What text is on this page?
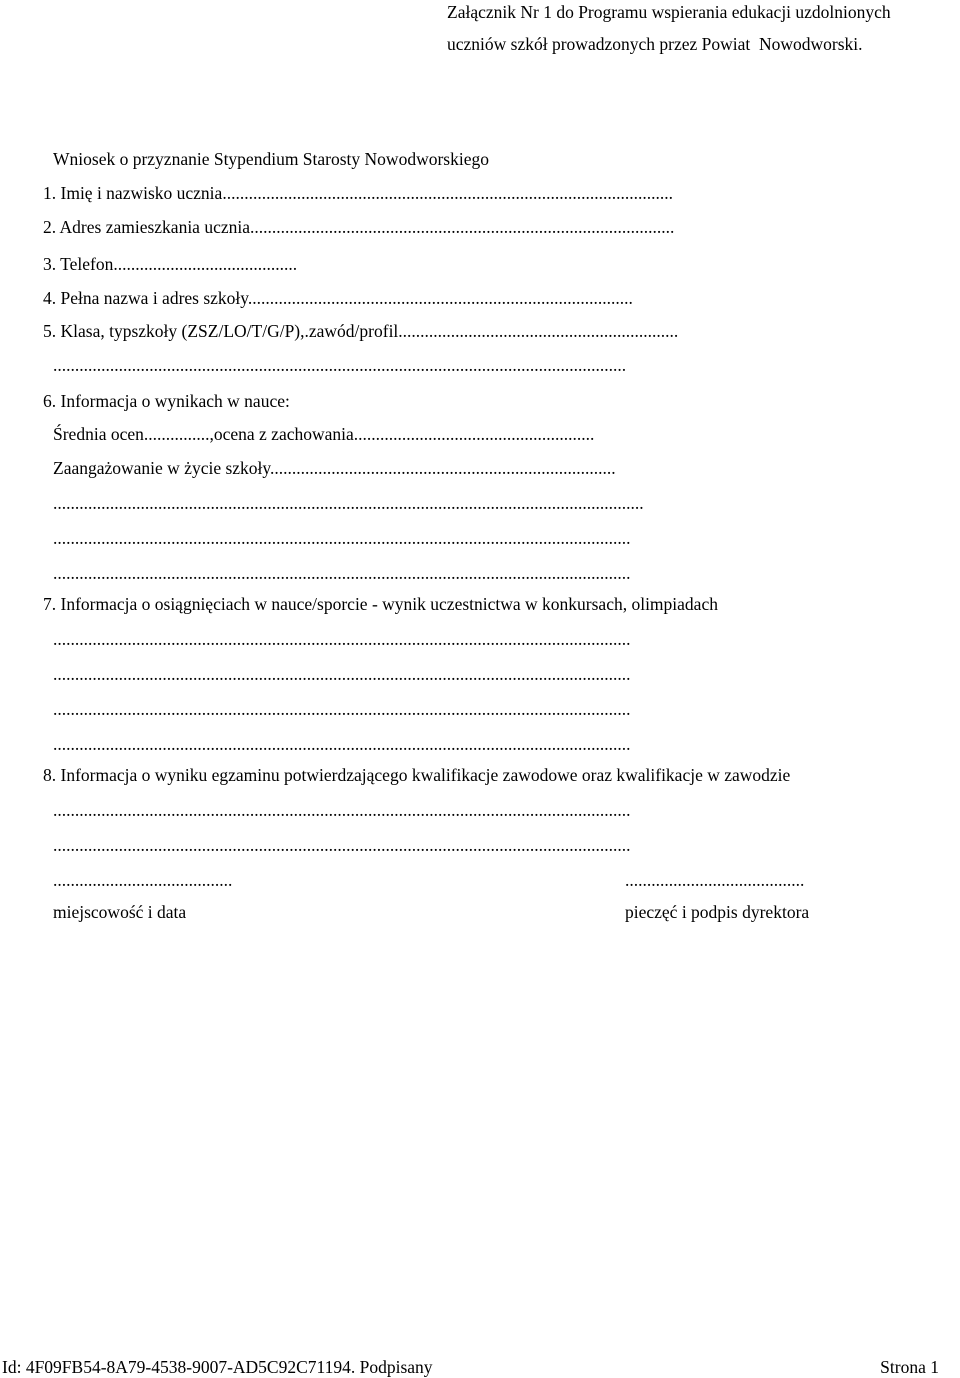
Załącznik Nr 1 do Programu wspierania edukacji uzdolnionych
uczniów szkół prowadzonych przez Powiat  Nowodworski.
Wniosek o przyznanie Stypendium Starosty Nowodworskiego
1. Imię i nazwisko ucznia.......................................................................................................
2. Adres zamieszkania ucznia.................................................................................................
3. Telefon..........................................
4. Pełna nazwa i adres szkoły........................................................................................
5. Klasa, typszkoły (ZSZ/LO/T/G/P),.zawód/profil................................................................
...................................................................................................................................
6. Informacja o wynikach w nauce:
Średnia ocen...............,ocena z zachowania.......................................................
Zaangażowanie w życie szkoły...............................................................................
.......................................................................................................................................
....................................................................................................................................
....................................................................................................................................
7. Informacja o osiągnięciach w nauce/sporcie - wynik uczestnictwa w konkursach, olimpiadach
....................................................................................................................................
....................................................................................................................................
....................................................................................................................................
....................................................................................................................................
8. Informacja o wyniku egzaminu potwierdzającego kwalifikacje zawodowe oraz kwalifikacje w zawodzie
....................................................................................................................................
....................................................................................................................................
.........................................	.........................................
miejscowość i data	pieczęć i podpis dyrektora
Id: 4F09FB54-8A79-4538-9007-AD5C92C71194. Podpisany	Strona 1
